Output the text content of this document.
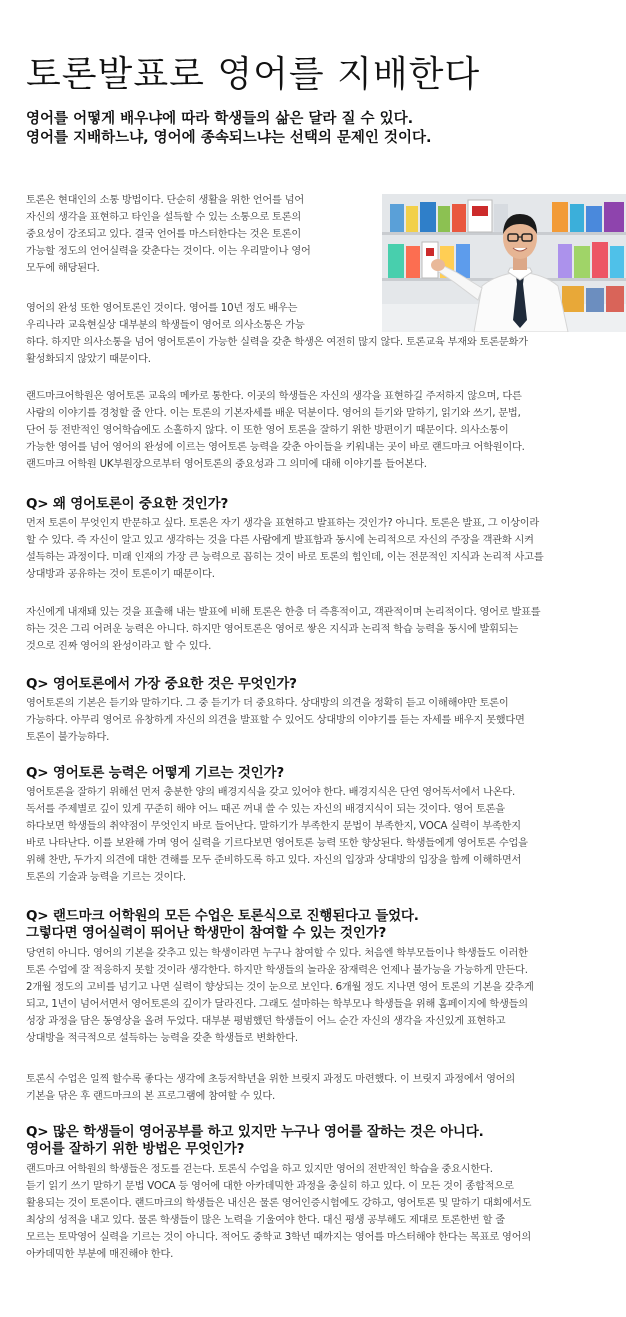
토론발표로 영어를 지배한다
영어를 어떻게 배우냐에 따라 학생들의 삶은 달라 질 수 있다.
영어를 지배하느냐, 영어에 종속되느냐는 선택의 문제인 것이다.

토론은 현대인의 소통 방법이다. 단순히 생활을 위한 언어를 넘어
자신의 생각을 표현하고 타인을 설득할 수 있는 소통으로 토론의
중요성이 강조되고 있다. 결국 언어를 마스터한다는 것은 토론이
가능할 정도의 언어실력을 갖춘다는 것이다. 이는 우리말이나 영어
모두에 해당된다.

영어의 완성 또한 영어토론인 것이다. 영어를 10년 정도 배우는
우리나라 교육현실상 대부분의 학생들이 영어로 의사소통은 가능
하다. 하지만 의사소통을 넘어 영어토론이 가능한 실력을 갖춘 학생은 여전히 많지 않다. 토론교육 부재와 토론문화가
활성화되지 않았기 때문이다.

랜드마크어학원은 영어토론 교육의 메카로 통한다. 이곳의 학생들은 자신의 생각을 표현하길 주저하지 않으며, 다른
사람의 이야기를 경청할 줄 안다. 이는 토론의 기본자세를 배운 덕분이다. 영어의 듣기와 말하기, 읽기와 쓰기, 문법,
단어 등 전반적인 영어학습에도 소홀하지 않다. 이 또한 영어 토론을 잘하기 위한 방편이기 때문이다. 의사소통이
가능한 영어를 넘어 영어의 완성에 이르는 영어토론 능력을 갖춘 아이들을 키워내는 곳이 바로 랜드마크 어학원이다.
랜드마크 어학원 UK부원장으로부터 영어토론의 중요성과 그 의미에 대해 이야기를 들어본다.

Q> 왜 영어토론이 중요한 것인가?

먼저 토론이 무엇인지 반문하고 싶다. 토론은 자기 생각을 표현하고 발표하는 것인가? 아니다. 토론은 발표, 그 이상이라
할 수 있다. 즉 자신이 알고 있고 생각하는 것을 다른 사람에게 발표함과 동시에 논리적으로 자신의 주장을 객관화 시켜
설득하는 과정이다. 미래 인재의 가장 큰 능력으로 꼽히는 것이 바로 토론의 힘인데, 이는 전문적인 지식과 논리적 사고를
상대방과 공유하는 것이 토론이기 때문이다.

자신에게 내재돼 있는 것을 표출해 내는 발표에 비해 토론은 한층 더 즉흥적이고, 객관적이며 논리적이다. 영어로 발표를
하는 것은 그리 어려운 능력은 아니다. 하지만 영어토론은 영어로 쌓은 지식과 논리적 학습 능력을 동시에 발휘되는
것으로 진짜 영어의 완성이라고 할 수 있다.

Q> 영어토론에서 가장 중요한 것은 무엇인가?

영어토론의 기본은 듣기와 말하기다. 그 중 듣기가 더 중요하다. 상대방의 의견을 정확히 듣고 이해해야만 토론이
가능하다. 아무리 영어로 유창하게 자신의 의견을 발표할 수 있어도 상대방의 이야기를 듣는 자세를 배우지 못했다면
토론이 불가능하다.

Q> 영어토론 능력은 어떻게 기르는 것인가?

영어토론을 잘하기 위해선 먼저 충분한 양의 배경지식을 갖고 있어야 한다. 배경지식은 단연 영어독서에서 나온다.
독서를 주제별로 깊이 있게 꾸준히 해야 어느 때곤 꺼내 쓸 수 있는 자신의 배경지식이 되는 것이다. 영어 토론을
하다보면 학생들의 취약점이 무엇인지 바로 들어난다. 말하기가 부족한지 문법이 부족한지, VOCA 실력이 부족한지
바로 나타난다. 이를 보완해 가며 영어 실력을 기르다보면 영어토론 능력 또한 향상된다. 학생들에게 영어토론 수업을
위해 찬반, 두가지 의견에 대한 견해를 모두 준비하도록 하고 있다. 자신의 입장과 상대방의 입장을 함께 이해하면서
토론의 기술과 능력을 기르는 것이다.

Q> 랜드마크 어학원의 모든 수업은 토론식으로 진행된다고 들었다.
그렇다면 영어실력이 뛰어난 학생만이 참여할 수 있는 것인가?

당연히 아니다. 영어의 기본을 갖추고 있는 학생이라면 누구나 참여할 수 있다. 처음엔 학부모들이나 학생들도 이러한
토론 수업에 잘 적응하지 못할 것이라 생각한다. 하지만 학생들의 놀라운 잠재력은 언제나 불가능을 가능하게 만든다.
2개월 정도의 고비를 넘기고 나면 실력이 향상되는 것이 눈으로 보인다. 6개월 정도 지나면 영어 토론의 기본을 갖추게
되고, 1년이 넘어서면서 영어토론의 깊이가 달라진다. 그래도 설마하는 학부모나 학생들을 위해 홈페이지에 학생들의
성장 과정을 담은 동영상을 올려 두었다. 대부분 평범했던 학생들이 어느 순간 자신의 생각을 자신있게 표현하고
상대방을 적극적으로 설득하는 능력을 갖춘 학생들로 변화한다.

토론식 수업은 일찍 할수록 좋다는 생각에 초등저학년을 위한 브릿지 과정도 마련했다. 이 브릿지 과정에서 영어의
기본을 닦은 후 랜드마크의 본 프로그램에 참여할 수 있다.

Q> 많은 학생들이 영어공부를 하고 있지만 누구나 영어를 잘하는 것은 아니다.
영어를 잘하기 위한 방법은 무엇인가?

랜드마크 어학원의 학생들은 정도를 걷는다. 토론식 수업을 하고 있지만 영어의 전반적인 학습을 중요시한다.
듣기 읽기 쓰기 말하기 문법 VOCA 등 영어에 대한 아카데믹한 과정을 충실히 하고 있다. 이 모든 것이 종합적으로
활용되는 것이 토론이다. 랜드마크의 학생들은 내신은 물론 영어인증시험에도 강하고, 영어토론 및 말하기 대회에서도
최상의 성적을 내고 있다. 물론 학생들이 많은 노력을 기울여야 한다. 대신 평생 공부해도 제대로 토론한번 할 줄
모르는 토막영어 실력을 기르는 것이 아니다. 적어도 중학교 3학년 때까지는 영어를 마스터해야 한다는 목표로 영어의
아카데믹한 부분에 매진해야 한다.
